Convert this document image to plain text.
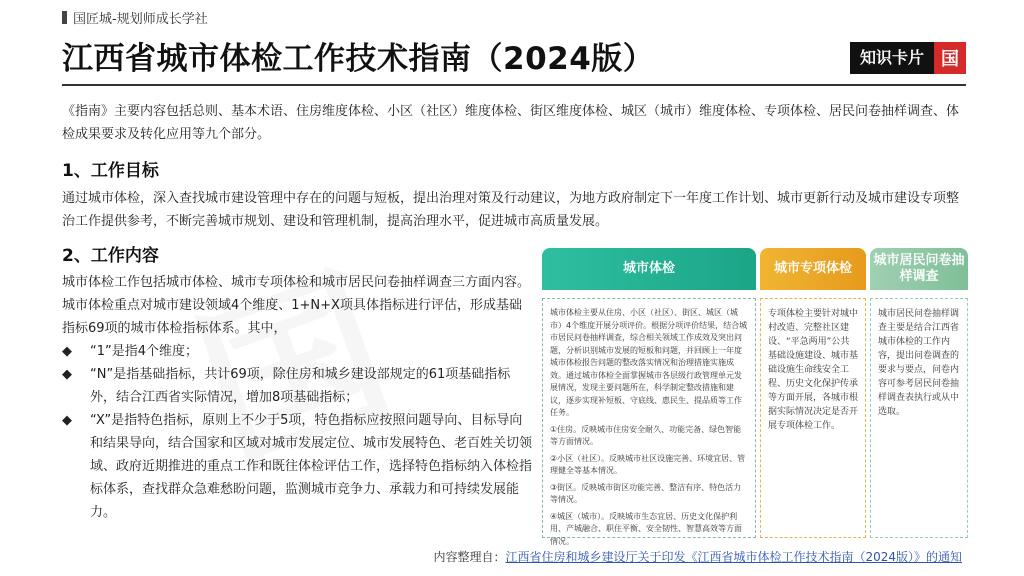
国匠城-规划师成长学社
江西省城市体检工作技术指南（2024版）	知识卡片 国

《指南》主要内容包括总则、基本术语、住房维度体检、小区（社区）维度体检、街区维度体检、城区（城市）维度体检、专项体检、居民问卷抽样调查、体检成果要求及转化应用等九个部分。

1、工作目标

通过城市体检，深入查找城市建设管理中存在的问题与短板，提出治理对策及行动建议，为地方政府制定下一年度工作计划、城市更新行动及城市建设专项整治工作提供参考，不断完善城市规划、建设和管理机制，提高治理水平，促进城市高质量发展。

2、工作内容

城市体检工作包括城市体检、城市专项体检和城市居民问卷抽样调查三方面内容。城市体检重点对城市建设领域4个维度、1+N+X项具体指标进行评估，形成基础指标69项的城市体检指标体系。其中，

◆	“1”是指4个维度；
◆	“N”是指基础指标，共计69项，除住房和城乡建设部规定的61项基础指标外，结合江西省实际情况，增加8项基础指标；
◆	“X”是指特色指标，原则上不少于5项，特色指标应按照问题导向、目标导向和结果导向，结合国家和区域对城市发展定位、城市发展特色、老百姓关切领域、政府近期推进的重点工作和既往体检评估工作，选择特色指标纳入体检指标体系，查找群众急难愁盼问题，监测城市竞争力、承载力和可持续发展能力。
城市体检

城市体检主要从住房、小区（社区）、街区、城区（城市）4个维度开展分项评价。根据分项评价结果，结合城市居民问卷抽样调查，综合相关领域工作成效及突出问题，分析识别城市发展的短板和问题，并回顾上一年度城市体检报告问题的整改落实情况和治理措施实施成效。通过城市体检全面掌握城市各层级行政管理单元发展情况，发现主要问题所在，科学制定整改措施和建议，逐步实现补短板、守底线、惠民生、提品质等工作任务。

①住房。反映城市住房安全耐久、功能完备、绿色智能等方面情况。

②小区（社区）。反映城市社区设施完善、环境宜居、管理健全等基本情况。

③街区。反映城市街区功能完善、整洁有序、特色活力等情况。

④城区（城市）。反映城市生态宜居、历史文化保护利用、产城融合、职住平衡、安全韧性、智慧高效等方面情况。

城市专项体检

专项体检主要针对城中村改造、完整社区建设、“平急两用”公共基础设施建设、城市基础设施生命线安全工程、历史文化保护传承等方面开展，各城市根据实际情况决定是否开展专项体检工作。

城市居民问卷抽样调查

城市居民问卷抽样调查主要是结合江西省城市体检的工作内容，提出问卷调查的要求与要点，问卷内容可参考居民问卷抽样调查表执行或从中选取。

内容整理自：江西省住房和城乡建设厅关于印发《江西省城市体检工作技术指南（2024版）》的通知
